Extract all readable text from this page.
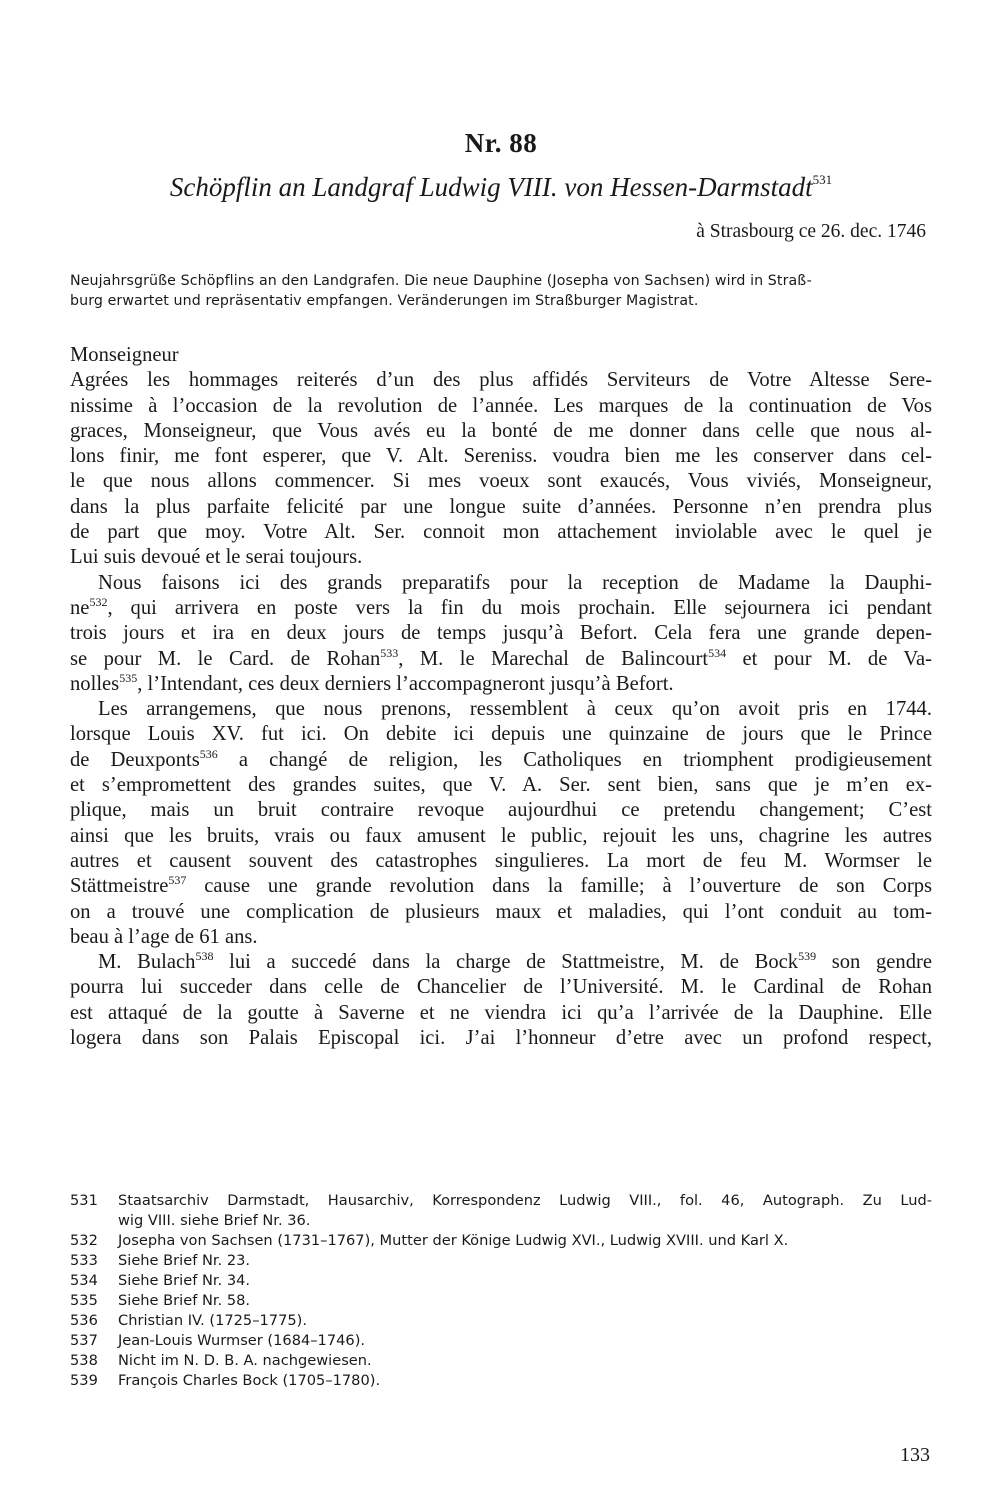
Nr. 88
Schöpflin an Landgraf Ludwig VIII. von Hessen-Darmstadt$^{531}$
à Strasbourg ce 26. dec. 1746
Neujahrsgrüße Schöpflins an den Landgrafen. Die neue Dauphine (Josepha von Sachsen) wird in Straß-
burg erwartet und repräsentativ empfangen. Veränderungen im Straßburger Magistrat.
Monseigneur

Agrées les hommages reiterés d’un des plus affidés Serviteurs de Votre Altesse Sere-
nissime à l’occasion de la revolution de l’année. Les marques de la continuation de Vos
graces, Monseigneur, que Vous avés eu la bonté de me donner dans celle que nous al-
lons finir, me font esperer, que V. Alt. Sereniss. voudra bien me les conserver dans cel-
le que nous allons commencer. Si mes voeux sont exaucés, Vous viviés, Monseigneur,
dans la plus parfaite felicité par une longue suite d’années. Personne n’en prendra plus
de part que moy. Votre Alt. Ser. connoit mon attachement inviolable avec le quel je
Lui suis devoué et le serai toujours.

Nous faisons ici des grands preparatifs pour la reception de Madame la Dauphi-
$ne^{532}$, qui arrivera en poste vers la fin du mois prochain. Elle sejournera ici pendant
trois jours et ira en deux jours de temps jusqu’à Befort. Cela fera une grande depen-
se pour M. le Card. de Rohan$^{533}$, M. le Marechal de Balincourt$^{534}$ et pour M. de Va-
nolles$^{535}$, l’Intendant, ces deux derniers l’accompagneront jusqu’à Befort.

Les arrangemens, que nous prenons, ressemblent à ceux qu’on avoit pris en 1744.
lorsque Louis XV. fut ici. On debite ici depuis une quinzaine de jours que le Prince
de Deuxponts$^{536}$ a changé de religion, les Catholiques en triomphent prodigieusement
et s’empromettent des grandes suites, que V. A. Ser. sent bien, sans que je m’en ex-
plique, mais un bruit contraire revoque aujourdhui ce pretendu changement; C’est
ainsi que les bruits, vrais ou faux amusent le public, rejouit les uns, chagrine les autres
autres et causent souvent des catastrophes singulieres. La mort de feu M. Wormser le
Stättmeistre$^{537}$ cause une grande revolution dans la famille; à l’ouverture de son Corps
on a trouvé une complication de plusieurs maux et maladies, qui l’ont conduit au tom-
beau à l’age de 61 ans.

M. Bulach$^{538}$ lui a succedé dans la charge de Stattmeistre, M. de Bock$^{539}$ son gendre
pourra lui succeder dans celle de Chancelier de l’Université. M. le Cardinal de Rohan
est attaqué de la goutte à Saverne et ne viendra ici qu’a l’arrivée de la Dauphine. Elle
logera dans son Palais Episcopal ici. J’ai l’honneur d’etre avec un profond respect,

531 Staatsarchiv Darmstadt, Hausarchiv, Korrespondenz Ludwig VIII., fol. 46, Autograph. Zu Lud-
wig VIII. siehe Brief Nr. 36.
532 Josepha von Sachsen (1731–1767), Mutter der Könige Ludwig XVI., Ludwig XVIII. und Karl X.
533 Siehe Brief Nr. 23.
534 Siehe Brief Nr. 34.
535 Siehe Brief Nr. 58.
536 Christian IV. (1725–1775).
537 Jean-Louis Wurmser (1684–1746).
538 Nicht im N. D. B. A. nachgewiesen.
539 François Charles Bock (1705–1780).
133
